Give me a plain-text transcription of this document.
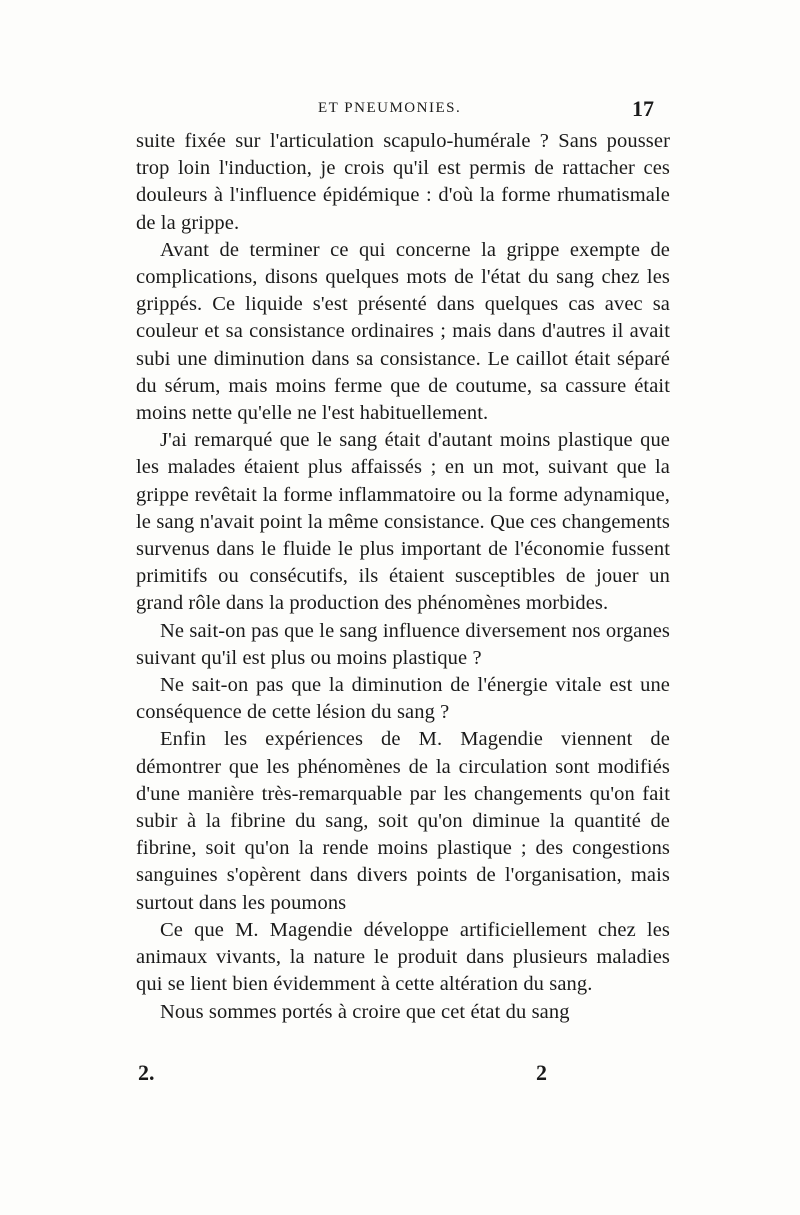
ET PNEUMONIES.	17

suite fixée sur l'articulation scapulo-humérale ? Sans pousser trop loin l'induction, je crois qu'il est permis de rattacher ces douleurs à l'influence épidémique : d'où la forme rhumatismale de la grippe.

Avant de terminer ce qui concerne la grippe exempte de complications, disons quelques mots de l'état du sang chez les grippés. Ce liquide s'est présenté dans quelques cas avec sa couleur et sa consistance ordinaires ; mais dans d'autres il avait subi une diminution dans sa consistance. Le caillot était séparé du sérum, mais moins ferme que de coutume, sa cassure était moins nette qu'elle ne l'est habituellement.

J'ai remarqué que le sang était d'autant moins plastique que les malades étaient plus affaissés ; en un mot, suivant que la grippe revêtait la forme inflammatoire ou la forme adynamique, le sang n'avait point la même consistance. Que ces changements survenus dans le fluide le plus important de l'économie fussent primitifs ou consécutifs, ils étaient susceptibles de jouer un grand rôle dans la production des phénomènes morbides.

Ne sait-on pas que le sang influence diversement nos organes suivant qu'il est plus ou moins plastique ?

Ne sait-on pas que la diminution de l'énergie vitale est une conséquence de cette lésion du sang ?

Enfin les expériences de M. Magendie viennent de démontrer que les phénomènes de la circulation sont modifiés d'une manière très-remarquable par les changements qu'on fait subir à la fibrine du sang, soit qu'on diminue la quantité de fibrine, soit qu'on la rende moins plastique ; des congestions sanguines s'opèrent dans divers points de l'organisation, mais surtout dans les poumons

Ce que M. Magendie développe artificiellement chez les animaux vivants, la nature le produit dans plusieurs maladies qui se lient bien évidemment à cette altération du sang.

Nous sommes portés à croire que cet état du sang

2.	2
